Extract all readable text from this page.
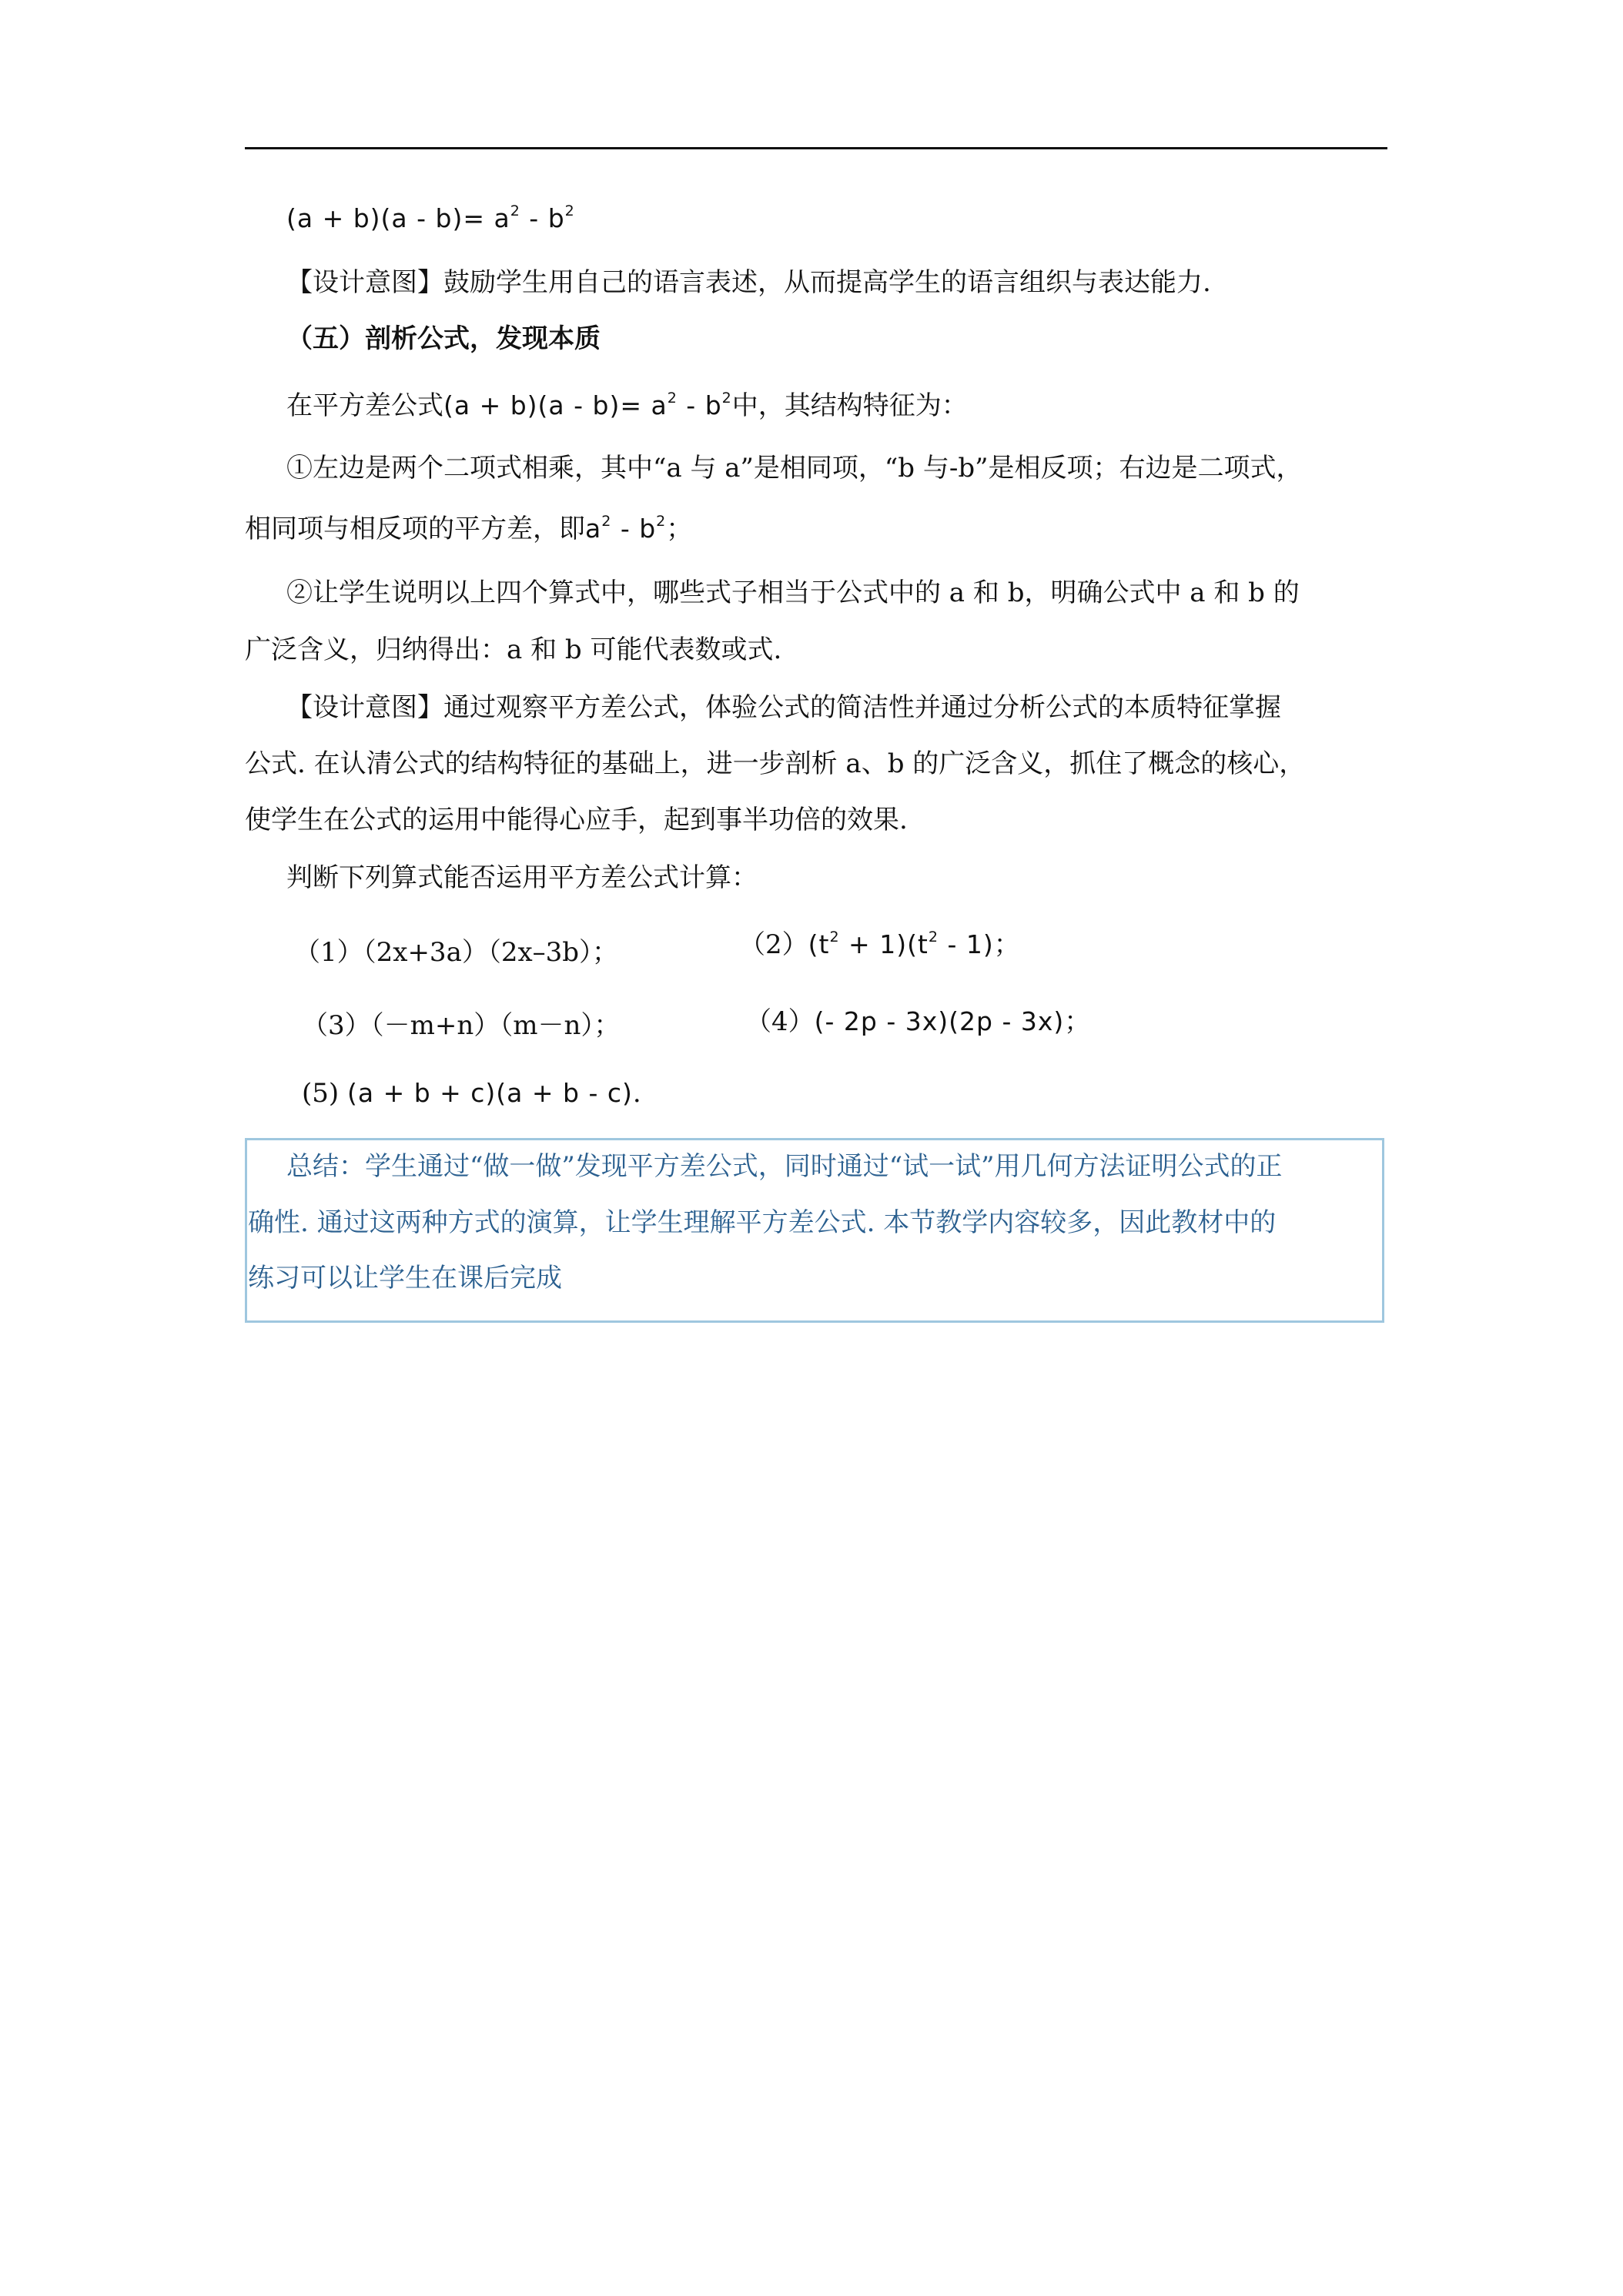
$(a + b)(a - b)= a^2 - b^2$
【设计意图】鼓励学生用自己的语言表述，从而提高学生的语言组织与表达能力.
（五）剖析公式，发现本质
在平方差公式$(a + b)(a - b)= a^2 - b^2$中，其结构特征为：
①左边是两个二项式相乘，其中“a 与 a”是相同项，“b 与-b”是相反项；右边是二项式，
相同项与相反项的平方差，即$a^2 - b^2$；
②让学生说明以上四个算式中，哪些式子相当于公式中的 a 和 b，明确公式中 a 和 b 的
广泛含义，归纳得出：a 和 b 可能代表数或式.
【设计意图】通过观察平方差公式，体验公式的简洁性并通过分析公式的本质特征掌握
公式. 在认清公式的结构特征的基础上，进一步剖析 a、b 的广泛含义，抓住了概念的核心，
使学生在公式的运用中能得心应手，起到事半功倍的效果.
判断下列算式能否运用平方差公式计算：
（1）（2x+3a）（2x–3b）；	$(2)(t^2 + 1)(t^2 - 1)$；
（3）（－m+n）（m－n）；	（4）(- 2p - 3x)(2p - 3x)；
(5) (a + b + c)(a + b - c).
总结：学生通过“做一做”发现平方差公式，同时通过“试一试”用几何方法证明公式的正
确性. 通过这两种方式的演算，让学生理解平方差公式. 本节教学内容较多，因此教材中的
练习可以让学生在课后完成
